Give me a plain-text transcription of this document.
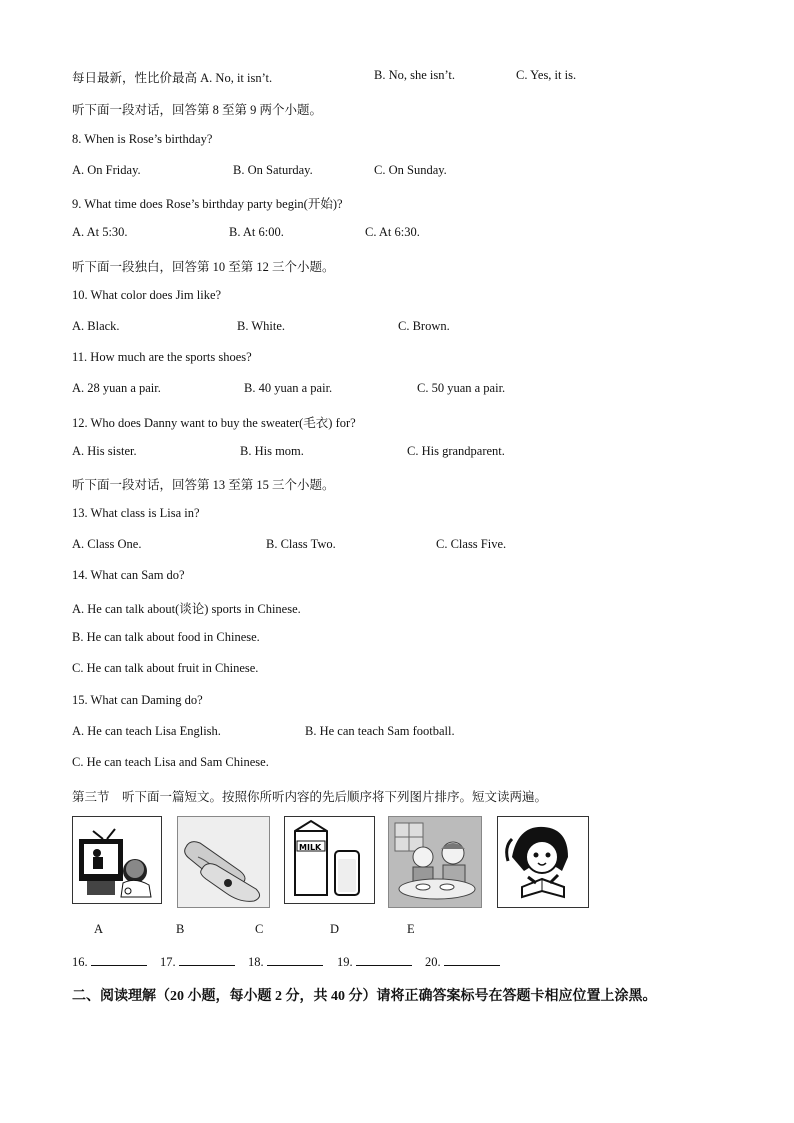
每日最新，性比价最高 A. No, it isn’t.	B. No, she isn’t.	C. Yes, it is.
听下面一段对话，回答第 8 至第 9 两个小题。
8. When is Rose’s birthday?
A. On Friday.	B. On Saturday.	C. On Sunday.
9. What time does Rose’s birthday party begin(开始)?
A. At 5:30.	B. At 6:00.	C. At 6:30.
听下面一段独白，回答第 10 至第 12 三个小题。
10. What color does Jim like?
A. Black.	B. White.	C. Brown.
11. How much are the sports shoes?
A. 28 yuan a pair.	B. 40 yuan a pair.	C. 50 yuan a pair.
12. Who does Danny want to buy the sweater(毛衣) for?
A. His sister.	B. His mom.	C. His grandparent.
听下面一段对话，回答第 13 至第 15 三个小题。
13. What class is Lisa in?
A. Class One.	B. Class Two.	C. Class Five.
14. What can Sam do?
A. He can talk about(谈论) sports in Chinese.
B. He can talk about food in Chinese.
C. He can talk about fruit in Chinese.
15. What can Daming do?
A. He can teach Lisa English.	B. He can teach Sam football.
C. He can teach Lisa and Sam Chinese.
第三节　听下面一篇短文。按照你所听内容的先后顺序将下列图片排序。短文读两遍。
MILK
A	B	C	D	E
16.	17.	18.	19.	20.
二、阅读理解（20 小题，每小题 2 分，共 40 分）请将正确答案标号在答题卡相应位置上涂黑。
